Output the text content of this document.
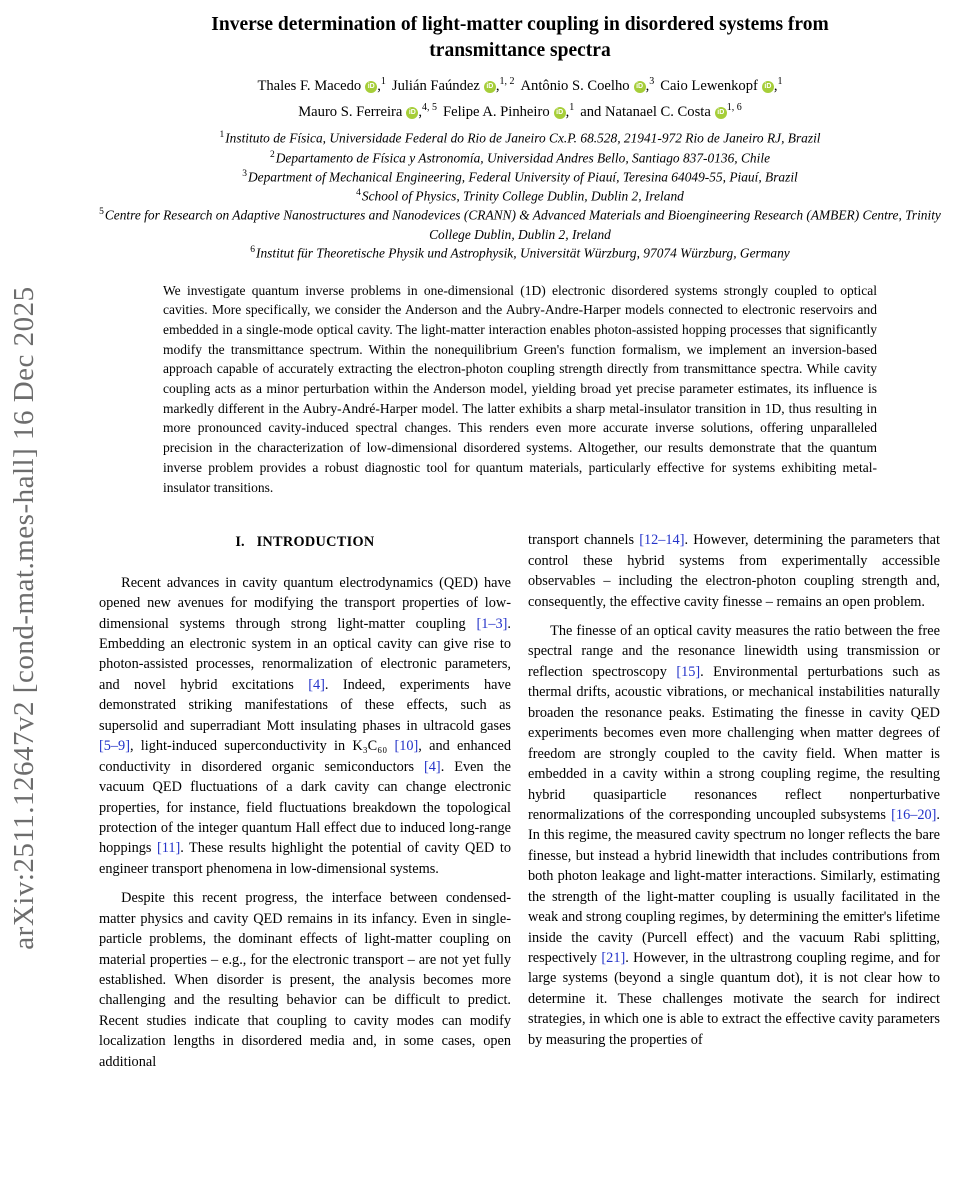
arXiv:2511.12647v2 [cond-mat.mes-hall] 16 Dec 2025
Inverse determination of light-matter coupling in disordered systems from transmittance spectra
Thales F. Macedo iD ,$^1$ Julián Faúndez iD ,$^{1, 2}$ Antônio S. Coelho iD ,$^3$ Caio Lewenkopf iD ,$^1$
Mauro S. Ferreira iD ,$^{4, 5}$ Felipe A. Pinheiro iD ,$^1$ and Natanael C. Costa iD $^{1, 6}$
$^1$Instituto de Física, Universidade Federal do Rio de Janeiro Cx.P. 68.528, 21941-972 Rio de Janeiro RJ, Brazil
$^2$Departamento de Física y Astronomía, Universidad Andres Bello, Santiago 837-0136, Chile
$^3$Department of Mechanical Engineering, Federal University of Piauí, Teresina 64049-55, Piauí, Brazil
$^4$School of Physics, Trinity College Dublin, Dublin 2, Ireland
$^5$Centre for Research on Adaptive Nanostructures and Nanodevices (CRANN) & Advanced Materials and Bioengineering Research (AMBER) Centre, Trinity College Dublin, Dublin 2, Ireland
$^6$Institut für Theoretische Physik und Astrophysik, Universität Würzburg, 97074 Würzburg, Germany
We investigate quantum inverse problems in one-dimensional (1D) electronic disordered systems strongly coupled to optical cavities. More specifically, we consider the Anderson and the Aubry-Andre-Harper models connected to electronic reservoirs and embedded in a single-mode optical cavity. The light-matter interaction enables photon-assisted hopping processes that significantly modify the transmittance spectrum. Within the nonequilibrium Green's function formalism, we implement an inversion-based approach capable of accurately extracting the electron-photon coupling strength directly from transmittance spectra. While cavity coupling acts as a minor perturbation within the Anderson model, yielding broad yet precise parameter estimates, its influence is markedly different in the Aubry-André-Harper model. The latter exhibits a sharp metal-insulator transition in 1D, thus resulting in more pronounced cavity-induced spectral changes. This renders even more accurate inverse solutions, offering unparalleled precision in the characterization of low-dimensional disordered systems. Altogether, our results demonstrate that the quantum inverse problem provides a robust diagnostic tool for quantum materials, particularly effective for systems exhibiting metal-insulator transitions.
I. INTRODUCTION

Recent advances in cavity quantum electrodynamics (QED) have opened new avenues for modifying the transport properties of low-dimensional systems through strong light-matter coupling [1–3]. Embedding an electronic system in an optical cavity can give rise to photon-assisted processes, renormalization of electronic parameters, and novel hybrid excitations [4]. Indeed, experiments have demonstrated striking manifestations of these effects, such as supersolid and superradiant Mott insulating phases in ultracold gases [5–9], light-induced superconductivity in K₃C₆₀ [10], and enhanced conductivity in disordered organic semiconductors [4]. Even the vacuum QED fluctuations of a dark cavity can change electronic properties, for instance, field fluctuations breakdown the topological protection of the integer quantum Hall effect due to induced long-range hoppings [11]. These results highlight the potential of cavity QED to engineer transport phenomena in low-dimensional systems.

Despite this recent progress, the interface between condensed-matter physics and cavity QED remains in its infancy. Even in single-particle problems, the dominant effects of light-matter coupling on material properties – e.g., for the electronic transport – are not yet fully established. When disorder is present, the analysis becomes more challenging and the resulting behavior can be difficult to predict. Recent studies indicate that coupling to cavity modes can modify localization lengths in disordered media and, in some cases, open additional

transport channels [12–14]. However, determining the parameters that control these hybrid systems from experimentally accessible observables – including the electron-photon coupling strength and, consequently, the effective cavity finesse – remains an open problem.

The finesse of an optical cavity measures the ratio between the free spectral range and the resonance linewidth using transmission or reflection spectroscopy [15]. Environmental perturbations such as thermal drifts, acoustic vibrations, or mechanical instabilities naturally broaden the resonance peaks. Estimating the finesse in cavity QED experiments becomes even more challenging when matter degrees of freedom are strongly coupled to the cavity field. When matter is embedded in a cavity within a strong coupling regime, the resulting hybrid quasiparticle resonances reflect nonperturbative renormalizations of the corresponding uncoupled subsystems [16–20]. In this regime, the measured cavity spectrum no longer reflects the bare finesse, but instead a hybrid linewidth that includes contributions from both photon leakage and light-matter interactions. Similarly, estimating the strength of the light-matter coupling is usually facilitated in the weak and strong coupling regimes, by determining the emitter's lifetime inside the cavity (Purcell effect) and the vacuum Rabi splitting, respectively [21]. However, in the ultrastrong coupling regime, and for large systems (beyond a single quantum dot), it is not clear how to determine it. These challenges motivate the search for indirect strategies, in which one is able to extract the effective cavity parameters by measuring the properties of
